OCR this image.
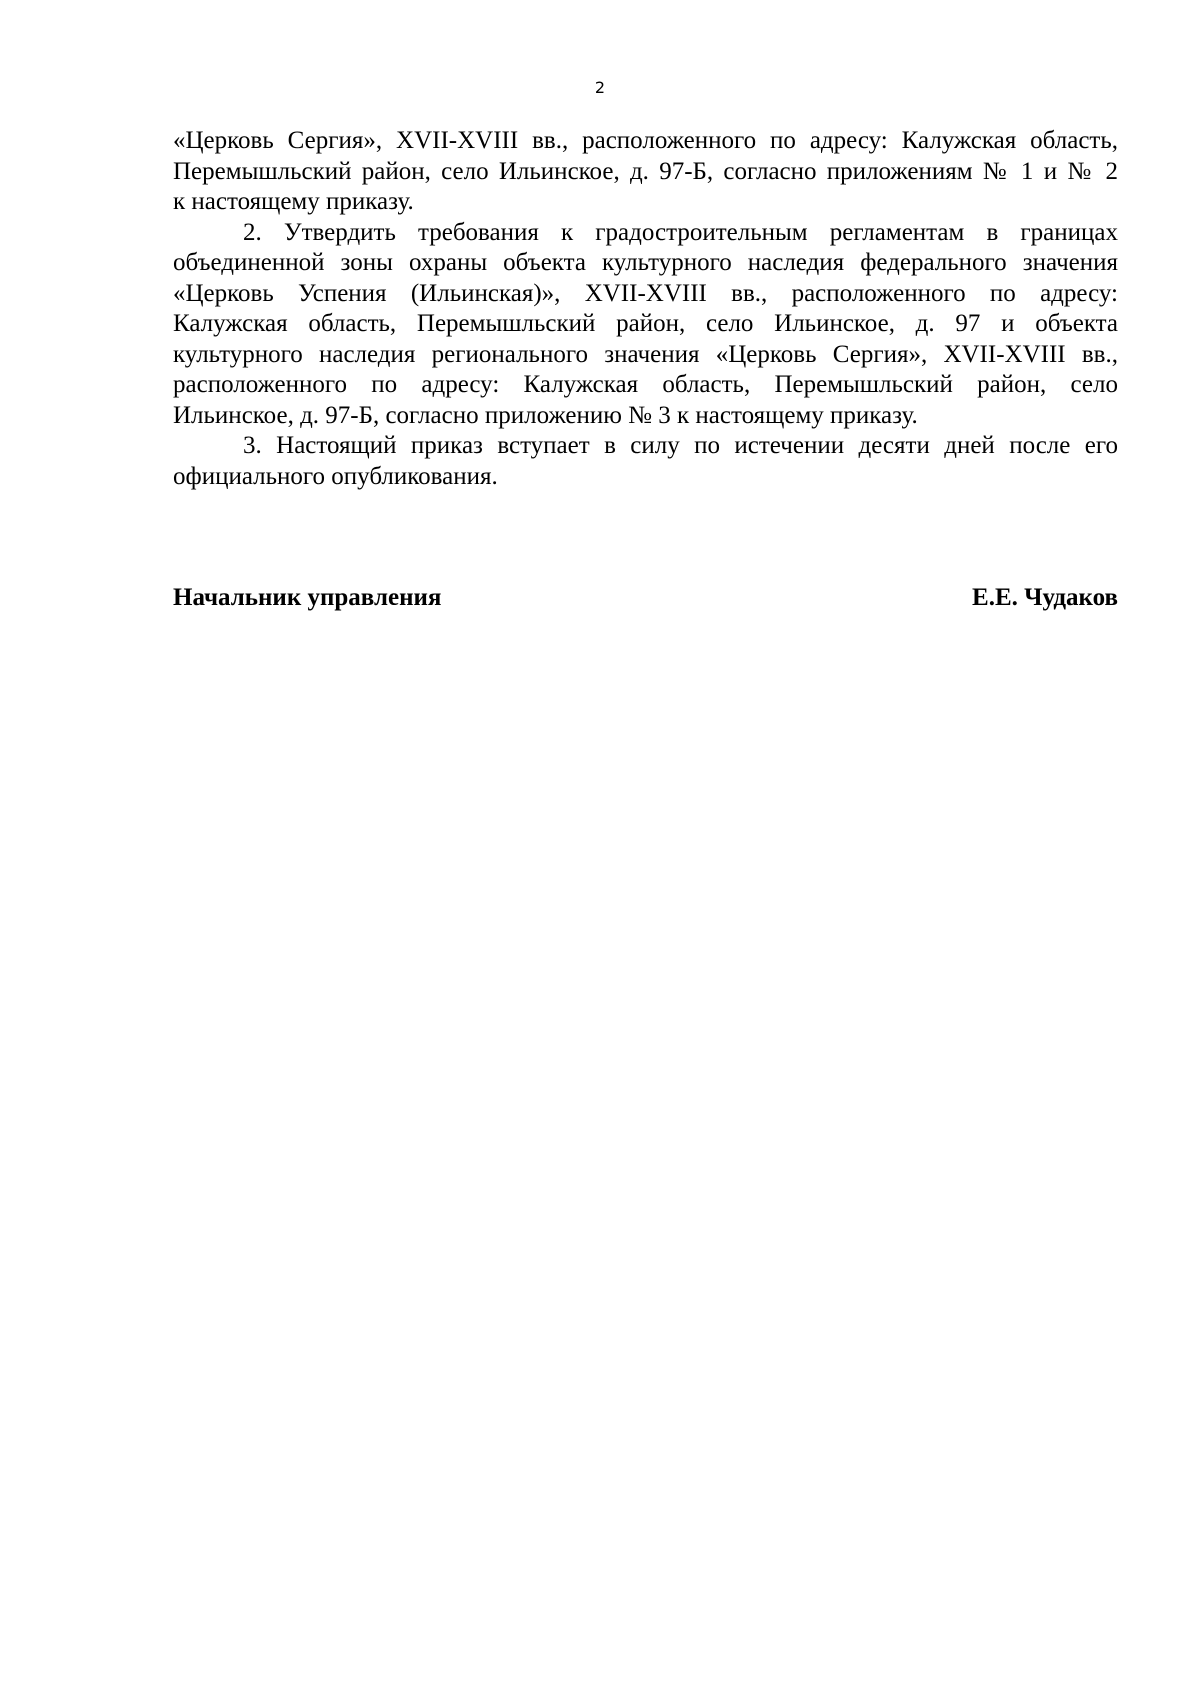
2
«Церковь Сергия», XVII-XVIII вв., расположенного по адресу: Калужская область,
Перемышльский район, село Ильинское, д. 97-Б, согласно приложениям № 1 и № 2
к настоящему приказу.
2. Утвердить требования к градостроительным регламентам в границах
объединенной зоны охраны объекта культурного наследия федерального значения
«Церковь Успения (Ильинская)», XVII-XVIII вв., расположенного по адресу:
Калужская область, Перемышльский район, село Ильинское, д. 97 и объекта
культурного наследия регионального значения «Церковь Сергия», XVII-XVIII вв.,
расположенного по адресу: Калужская область, Перемышльский район, село
Ильинское, д. 97-Б, согласно приложению № 3 к настоящему приказу.
3. Настоящий приказ вступает в силу по истечении десяти дней после его
официального опубликования.
Начальник управления	Е.Е. Чудаков
